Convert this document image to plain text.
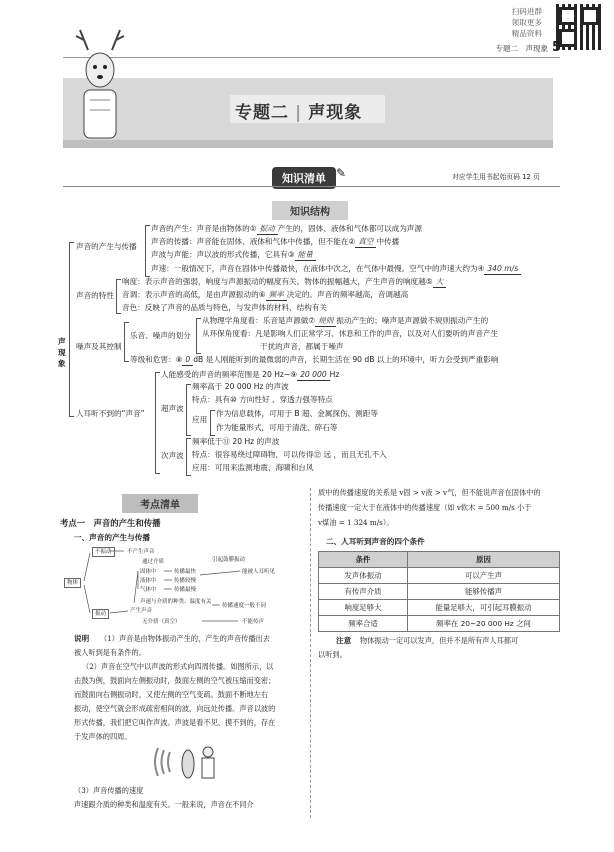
扫码进群
领取更多
精品资料
专题二　声现象 5
专题二 | 声现象
知识清单 ✎	对应学生用书起始页码 12 页
知识结构
声现象
声音的产生与传播
声音的产生：声音是由物体的① 振动 产生的，固体、液体和气体都可以成为声源
声音的传播：声音能在固体、液体和气体中传播，但不能在② 真空 中传播
声波与声能：声以波的形式传播，它具有③ 能量
声速：一般情况下，声音在固体中传播最快，在液体中次之，在气体中最慢。空气中的声速大约为④ 340 m/s
声音的特性
响度：表示声音的强弱，响度与声源振动的幅度有关。物体的振幅越大，产生声音的响度越⑤ 大
音调：表示声音的高低，是由声源振动的⑥ 频率 决定的。声音的频率越高，音调越高
音色：反映了声音的品质与特色，与发声体的材料、结构有关
噪声及其控制
乐音、噪声的划分
从物理学角度看：乐音是声源做⑦ 规则 振动产生的；噪声是声源做不规则振动产生的
从环保角度看：凡是影响人们正常学习、休息和工作的声音，以及对人们要听的声音产生
干扰的声音，都属于噪声
等级和危害：⑧ 0 dB 是人刚能听到的最微弱的声音，长期生活在 90 dB 以上的环境中，听力会受到严重影响
人耳听不到的“声音”
人能感受的声音的频率范围是 20 Hz~⑨ 20 000 Hz
超声波
频率高于 20 000 Hz 的声波
特点：具有⑩ 方向性好 、穿透力强等特点
应用
作为信息载体，可用于 B 超、金属探伤、测距等
作为能量形式，可用于清洗、碎石等
次声波
频率低于⑪ 20 Hz 的声波
特点：很容易绕过障碍物，可以传得⑫ 远 ，而且无孔不入
应用：可用来监测地震、海啸和台风
考点清单
考点一　声音的产生和传播
一、声音的产生与传播
物体
不振动
振动
不产生声音
通过介质
产生声音
固体中
液体中
气体中
传播最快
传播较慢
传播最慢
声速与介质的种类、温度有关
引起鼓膜振动
能被人耳听见
传播速度一般不同
无介质（真空）	不能传声
说明 （1）声音是由物体振动产生的，产生的声音传播出去
被人听到是有条件的。
（2）声音在空气中以声波的形式向四周传播。如图所示，以
击鼓为例，鼓面向左侧振动时，鼓面左侧的空气被压缩而变密；
而鼓面向右侧振动时，又使左侧的空气变疏。鼓面不断地左右
振动，使空气就会形成疏密相间的波，向远处传播。声音以波的
形式传播，我们把它叫作声波。声波是看不见、摸不到的，存在
于发声体的四周。
（3）声音传播的速度
声速跟介质的种类和温度有关。一般来说，声音在不同介
质中的传播速度的关系是 v固 > v液 > v气，但不能说声音在固体中的
传播速度一定大于在液体中的传播速度（如 v软木 = 500 m/s 小于
v煤油 = 1 324 m/s）。
二、人耳听到声音的四个条件
条件	原因
发声体振动	可以产生声
有传声介质	能够传播声
响度足够大	能量足够大，可引起耳膜振动
频率合适	频率在 20~20 000 Hz 之间
注意 物体振动一定可以发声，但并不是所有声人耳都可
以听到。
